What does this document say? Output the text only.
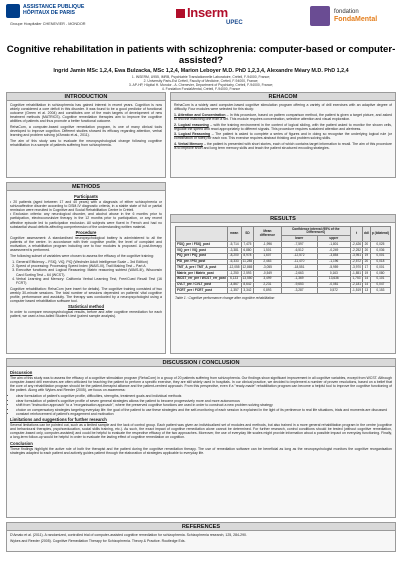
ASSISTANCE PUBLIQUE
HÔPITAUX DE PARIS
Groupe Hospitalier CHENEVIER - MONDOR
Inserm
UPEC
fondation
FondaMental
Cognitive rehabilitation in patients with schizophrenia: computer-based or computer-assisted?
Ingrid Jamin MSc 1,2,4, Ewa Bulzacka, MSc 1,2,4, Marion Leboyer M.D. PhD 1,2,3,4, Alexandre Méary M.D. PhD 1,2,4
1. INSERM, U955, IMRB, Psychiatrie Translationnelle Laboratoire, Créteil, F-94000, France;
2. University Paris-Est Créteil, Faculty of Medicine, Créteil, F-94000, France;
3. AP-HP, Hôpital H. Mondor - A. Chenevier, Department of Psychiatry, Créteil, F-94000, France;
4. Fondation FondaMental, Créteil, F-94000, France
INTRODUCTION

Cognitive rehabilitation in schizophrenia has gained interest in recent years. Cognition is now widely considered a core deficit in this disorder. It was found to be a good predictor of functional outcome (Green et al. 2004) and constitutes one of the main targets of development of new treatment methods (MATRICS). Cognitive remediation therapies aim to improve the cognitive abilities of patients and thus promote a better functional outcome.

RehaCom, a computer-based cognitive remediation program, is one of many clinical tools developed to improve cognition. Different studies showed its efficacy regarding attention, verbal learning and problem solving (d'Amato et al., 2011).

The aim of this study was to evaluate the neuropsychological change following cognitive rehabilitation in a sample of patients suffering from schizophrenia.

REHACOM

RehaCom is a widely used computer-based cognitive stimulation program offering a variety of drill exercises with an adaptive degree of difficulty. Four modules were selected for this study:

1. Attention and Concentration – In this procedure, based on pattern comparison method, the patient is given a target picture, and asked to find the matching one from a set. This module requires concentration, selective attention and visual exploration.

2. Logical reasoning – with the training environment in the context of logical sliding, with the patient asked to monitor the shown cells, regulate the speed and react appropriately to different signals. This procedure requires sustained attention and alertness.

3. Logical Reasoning – The patient is asked to complete a series of figures and in doing so recognise the underlying logical rule (or combination of rules) for each row. This exercise requires abstract thinking and problem solving skills.

4. Verbal Memory – the patient is presented with short stories, each of which contains target information to recall. The aim of this procedure is to improve short and long term memory skills and teach the patient structured encoding strategies.

METHODS
Participants

• 20 patients (aged between 17 and 40 years) with a diagnosis of either schizophrenia or schizoaffective disorder according to DSM-IV diagnostic criteria, in a stable state of full or partial remission were recruited in Cognitive and Social Rehabilitation Centre in Créteil.
• Exclusion criteria: any neurological disorder, and alcohol abuse in the 6 months prior to participation, electroconvulsive therapy in the 12 months prior to participation, or any recent affective episode led to participation exclusion. All subjects were fluent in French and had no substantial visual deficits affecting comprehension of the understanding written material.

Procedure

Cognitive assessment: A standardised neuropsychological battery is administered to all the patients of the centre. In accordance with their cognitive profile, the level of complaint and motivation, a rehabilitation program including one to four modules is proposed. A post-therapy assessment is performed.

The following subset of variables were chosen to assess the efficacy of the cognitive training:

1. General Efficiency – FSIQ, VIQ, PIQ (Wechsler Adult Intelligence Scale – 3rd Edition)
2. Speed of processing: Processing Speed Index (WAIS-III), Trail Making Test – Part A
3. Executive functions and Logical Reasoning: Matrix reasoning subtest (WAIS-III), Wisconsin Card Sorting Test – 64 (WCST).
4. Verbal Learning and Memory: California Verbal Learning Test, Free/Cued Recall Test (16 FCRT)

Cognitive rehabilitation: RehaCom (see insert for details). The cognitive training consisted of two weekly 30-minute sessions. The total number of sessions depended on patients' vital cognitive profile, performance and assiduity. The therapy was conducted by a neuropsychologist using a computer based rehabilitation software tool.

Statistical method

In order to compare neuropsychological results, before and after cognitive remediation for each patient, we used a two-tailed Student t-test (paired sample analysis).

RESULTS
	mean	SD	Mean difference	Confidence interval (95% of the Differences)		t	ddl	p (bilateral)
				lower	upper			
FSIQ_pre / FSIQ_post	-5,714	7,475	-1,996	-7,597	-1,801	-2,426	20	0,025
VIQ_pre / VIQ_post	-3,381	6,880	1,501	-6,512	-0,249	-2,252	20	0,036
PIQ_pre / PIQ_post	-8,200	8,978	1,607	-12,572	-3,854	-3,951	19	0,001
PSI_pre / PSI_post	-6,333	11,285	2,463	-11,470	-1,196	-2,572	20	0,018
TMT_A_pre / TMT_A_post	-12,055	12,865	-3,055	-18,551	-5,959	-3,970	17	0,001
Matrix_pre / Matrix_post	-1,250	2,593	-0,549	-2,663	0,163	-1,851	19	0,080
WCST_err_pre / WCST_err_post	6,133	13,550	3,499	-1,369	13,636	1,753	14	0,101
CVLT_pre / CVLT_post	-4,867	8,642	2,231	-9,653	-0,081	-2,181	14	0,047
FCRT_pre / FCRT_post	-1,357	3,342	0,893	-3,287	0,572	-1,519	13	0,153
Table 1 : Cognitive performance change after cognitive rehabilitation
DISCUSSION / CONCLUSION
Discussion

The aim of this study was to assess the efficacy of a cognitive stimulation program (RehaCom) in a group of 20 patients suffering from schizophrenia. Our findings show significant improvement in all cognitive variables, except from WCST. Although computer-based drill exercises are often criticized for teaching the patient to perform a specific exercise, they are still widely used in hospitals. In our clinical practice, we decided to implement a number of proven resolutions, based on a belief that the core of any rehabilitation program should be the patient-therapist alliance and the patient-centred approach. From this perspective, even if a "ready-made" rehabilitation program can become a helpful tool to improve the cognitive functioning of the patient. Along with Wykes and Reeder (2005), we focus on awareness:

• clear formulation of patient's cognitive profile, difficulties, strengths, treatment goals and individual methods
• clear formulation of patient's cognitive profile of seven general strategies allows the patient to become progressively more and more autonomous
• shift from "instruction approach" to a "reorganisation approach", where the preserved cognitive functions are used in order to construct a new problem solving strategy
• choice on compensatory strategies targeting everyday life: the goal of the patient to use these strategies and the self-monitoring of each session is explained in the light of its pertinence to real life situations, trials and moments are discussed
• constant reinforcement of patient's engagement and motivation
Limitations and suggestions for further research

Several limitations can be pointed out, such as a limited sample and the lack of control group. Each patient was given an individualized set of modules and methods, but also trained in a more general rehabilitation program in the centre (cognitive and behavioural therapies, psychoeducation, social skills training, etc.). As such, the exact impact of cognitive remediation alone cannot be determined. For further research, control conditions should be tested (without cognitive remediation, computer-based only, computer-assisted) and could be helpful to evaluate the respective efficacy of the two approaches. Moreover, the use of everyday life scales might provide information about a possible impact on everyday functioning. Finally, a long-term follow-up would be helpful in order to evaluate the lasting effect of cognitive remediation on cognition.

Conclusion

These findings highlight the active role of both the therapist and the patient during the cognitive remediation therapy. The use of remediation software can be beneficial as long as the neuropsychologist monitors the cognitive reorganisation strategies adapted to each patient and actively guides patient through the elaboration of strategies applicable to everyday life.

REFERENCES

D'Amato et al. (2011). A randomized, controlled trial of computer-assisted cognitive remediation for schizophrenia. Schizophrenia research, 125, 284-290.

Wykes and Reeder (2005). Cognitive Remediation Therapy for Schizophrenia. Theory & Practice. Routledge Eds.
